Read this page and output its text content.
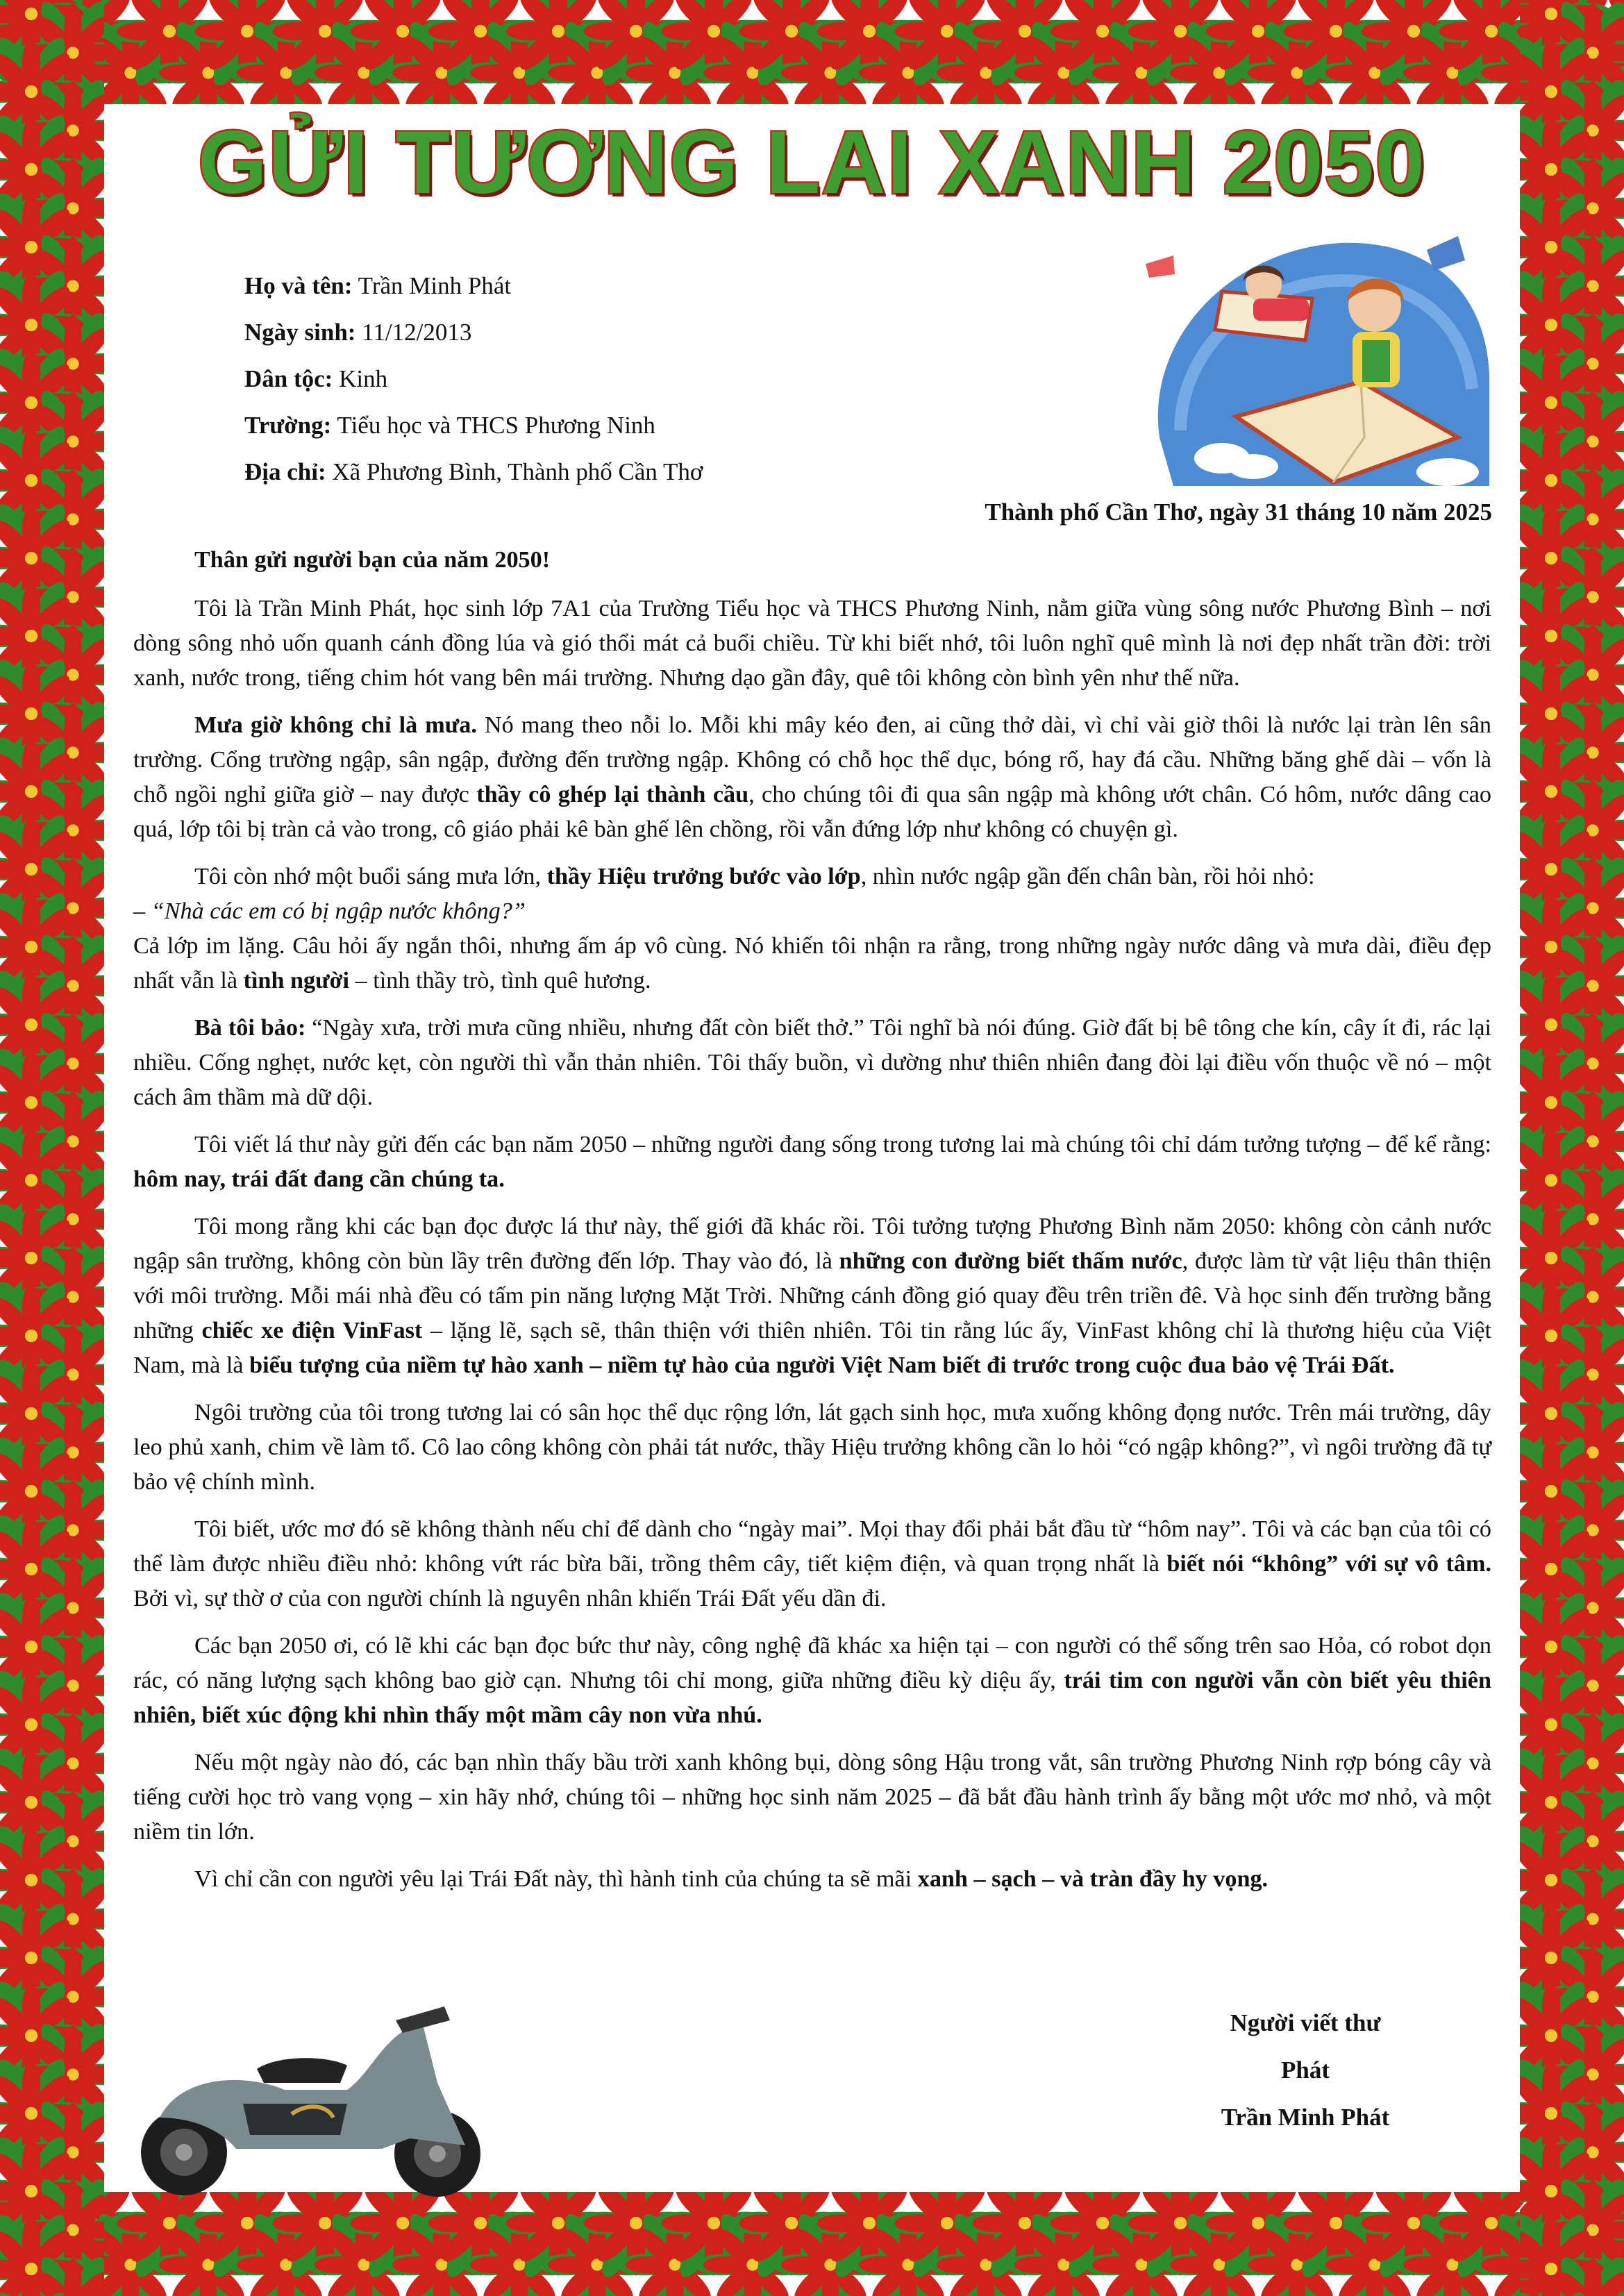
GỬI TƯƠNG LAI XANH 2050
Họ và tên: Trần Minh Phát
Ngày sinh: 11/12/2013
Dân tộc: Kinh
Trường: Tiểu học và THCS Phương Ninh
Địa chỉ: Xã Phương Bình, Thành phố Cần Thơ
Thành phố Cần Thơ, ngày 31 tháng 10 năm 2025

Thân gửi người bạn của năm 2050!

Tôi là Trần Minh Phát, học sinh lớp 7A1 của Trường Tiểu học và THCS Phương Ninh, nằm giữa vùng sông nước Phương Bình – nơi dòng sông nhỏ uốn quanh cánh đồng lúa và gió thổi mát cả buổi chiều. Từ khi biết nhớ, tôi luôn nghĩ quê mình là nơi đẹp nhất trần đời: trời xanh, nước trong, tiếng chim hót vang bên mái trường. Nhưng dạo gần đây, quê tôi không còn bình yên như thế nữa.

Mưa giờ không chỉ là mưa. Nó mang theo nỗi lo. Mỗi khi mây kéo đen, ai cũng thở dài, vì chỉ vài giờ thôi là nước lại tràn lên sân trường. Cổng trường ngập, sân ngập, đường đến trường ngập. Không có chỗ học thể dục, bóng rổ, hay đá cầu. Những băng ghế dài – vốn là chỗ ngồi nghỉ giữa giờ – nay được thầy cô ghép lại thành cầu, cho chúng tôi đi qua sân ngập mà không ướt chân. Có hôm, nước dâng cao quá, lớp tôi bị tràn cả vào trong, cô giáo phải kê bàn ghế lên chồng, rồi vẫn đứng lớp như không có chuyện gì.

Tôi còn nhớ một buổi sáng mưa lớn, thầy Hiệu trưởng bước vào lớp, nhìn nước ngập gần đến chân bàn, rồi hỏi nhỏ:
– “Nhà các em có bị ngập nước không?”
Cả lớp im lặng. Câu hỏi ấy ngắn thôi, nhưng ấm áp vô cùng. Nó khiến tôi nhận ra rằng, trong những ngày nước dâng và mưa dài, điều đẹp nhất vẫn là tình người – tình thầy trò, tình quê hương.

Bà tôi bảo: “Ngày xưa, trời mưa cũng nhiều, nhưng đất còn biết thở.” Tôi nghĩ bà nói đúng. Giờ đất bị bê tông che kín, cây ít đi, rác lại nhiều. Cống nghẹt, nước kẹt, còn người thì vẫn thản nhiên. Tôi thấy buồn, vì dường như thiên nhiên đang đòi lại điều vốn thuộc về nó – một cách âm thầm mà dữ dội.

Tôi viết lá thư này gửi đến các bạn năm 2050 – những người đang sống trong tương lai mà chúng tôi chỉ dám tưởng tượng – để kể rằng: hôm nay, trái đất đang cần chúng ta.

Tôi mong rằng khi các bạn đọc được lá thư này, thế giới đã khác rồi. Tôi tưởng tượng Phương Bình năm 2050: không còn cảnh nước ngập sân trường, không còn bùn lầy trên đường đến lớp. Thay vào đó, là những con đường biết thấm nước, được làm từ vật liệu thân thiện với môi trường. Mỗi mái nhà đều có tấm pin năng lượng Mặt Trời. Những cánh đồng gió quay đều trên triền đê. Và học sinh đến trường bằng những chiếc xe điện VinFast – lặng lẽ, sạch sẽ, thân thiện với thiên nhiên. Tôi tin rằng lúc ấy, VinFast không chỉ là thương hiệu của Việt Nam, mà là biểu tượng của niềm tự hào xanh – niềm tự hào của người Việt Nam biết đi trước trong cuộc đua bảo vệ Trái Đất.

Ngôi trường của tôi trong tương lai có sân học thể dục rộng lớn, lát gạch sinh học, mưa xuống không đọng nước. Trên mái trường, dây leo phủ xanh, chim về làm tổ. Cô lao công không còn phải tát nước, thầy Hiệu trưởng không cần lo hỏi “có ngập không?”, vì ngôi trường đã tự bảo vệ chính mình.

Tôi biết, ước mơ đó sẽ không thành nếu chỉ để dành cho “ngày mai”. Mọi thay đổi phải bắt đầu từ “hôm nay”. Tôi và các bạn của tôi có thể làm được nhiều điều nhỏ: không vứt rác bừa bãi, trồng thêm cây, tiết kiệm điện, và quan trọng nhất là biết nói “không” với sự vô tâm. Bởi vì, sự thờ ơ của con người chính là nguyên nhân khiến Trái Đất yếu dần đi.

Các bạn 2050 ơi, có lẽ khi các bạn đọc bức thư này, công nghệ đã khác xa hiện tại – con người có thể sống trên sao Hỏa, có robot dọn rác, có năng lượng sạch không bao giờ cạn. Nhưng tôi chỉ mong, giữa những điều kỳ diệu ấy, trái tim con người vẫn còn biết yêu thiên nhiên, biết xúc động khi nhìn thấy một mầm cây non vừa nhú.

Nếu một ngày nào đó, các bạn nhìn thấy bầu trời xanh không bụi, dòng sông Hậu trong vắt, sân trường Phương Ninh rợp bóng cây và tiếng cười học trò vang vọng – xin hãy nhớ, chúng tôi – những học sinh năm 2025 – đã bắt đầu hành trình ấy bằng một ước mơ nhỏ, và một niềm tin lớn.

Vì chỉ cần con người yêu lại Trái Đất này, thì hành tinh của chúng ta sẽ mãi xanh – sạch – và tràn đầy hy vọng.

Người viết thư
Phát
Trần Minh Phát
